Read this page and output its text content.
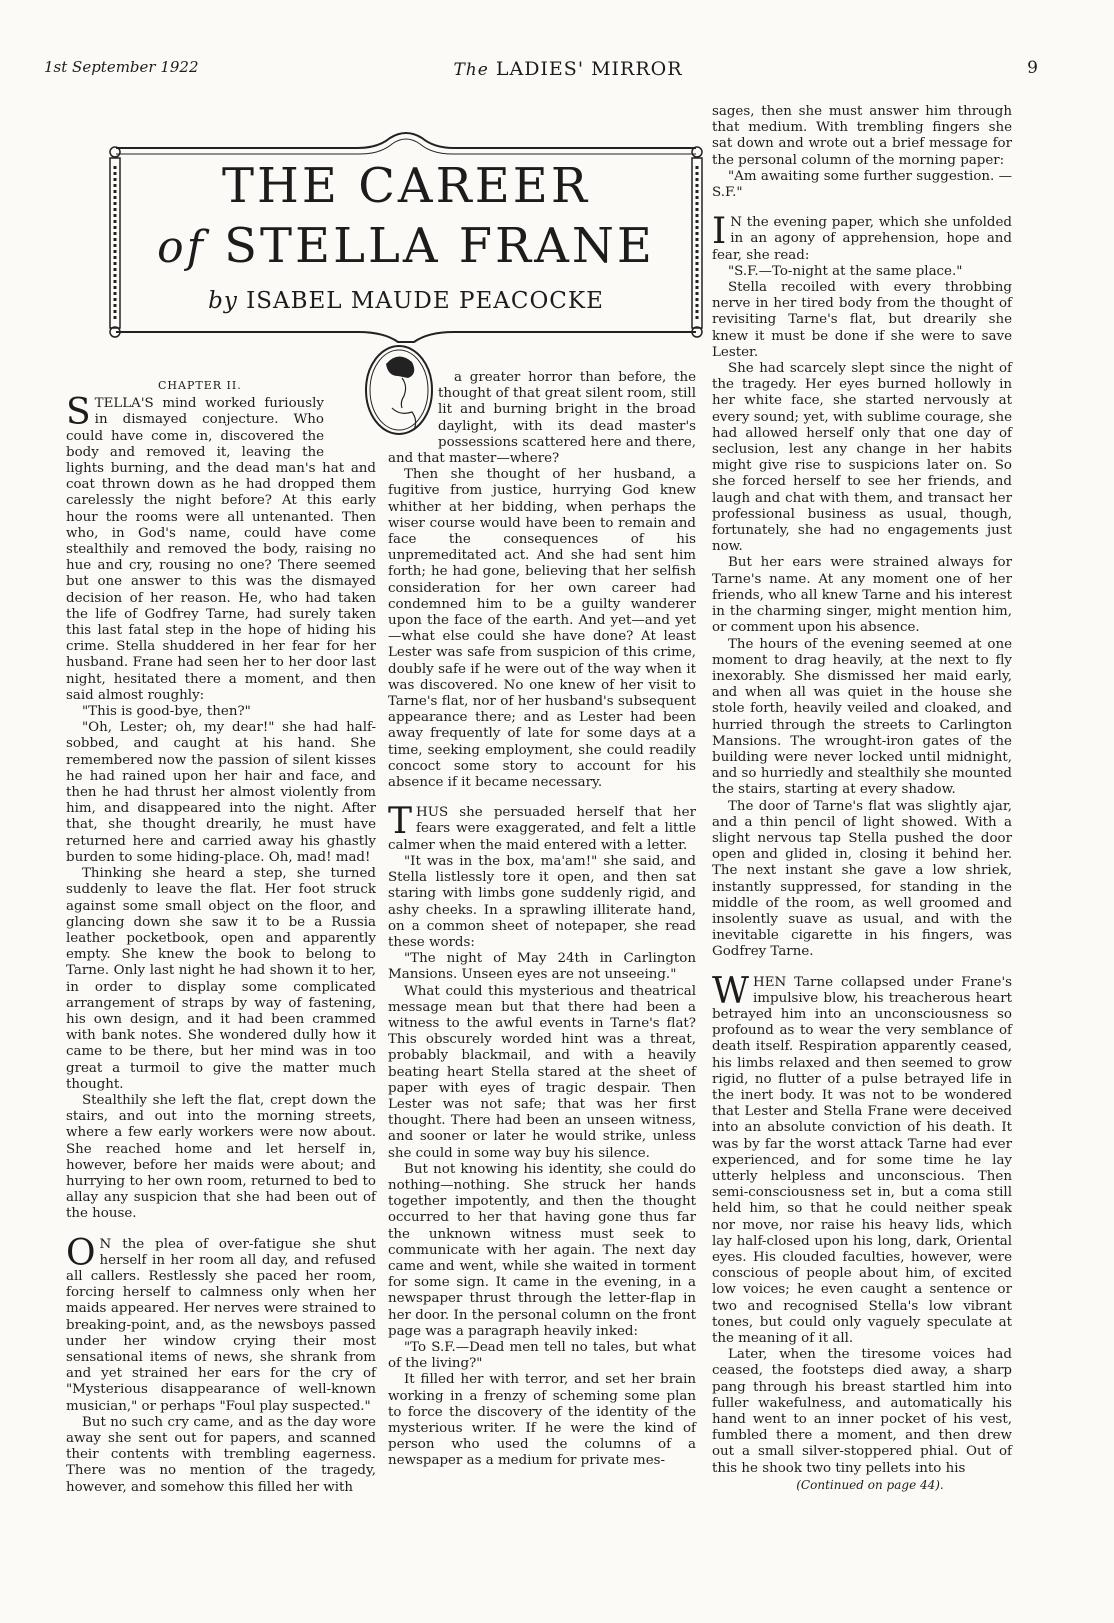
1st September 1922	The LADIES' MIRROR	9
THE CAREER
of STELLA FRANE
by ISABEL MAUDE PEACOCKE

CHAPTER II.

STELLA'S mind worked furiously in dismayed conjecture. Who could have come in, discovered the body and removed it, leaving the lights burning, and the dead man's hat and coat thrown down as he had dropped them carelessly the night before? At this early hour the rooms were all untenanted. Then who, in God's name, could have come stealthily and removed the body, raising no hue and cry, rousing no one? There seemed but one answer to this was the dismayed decision of her reason. He, who had taken the life of Godfrey Tarne, had surely taken this last fatal step in the hope of hiding his crime. Stella shuddered in her fear for her husband. Frane had seen her to her door last night, hesitated there a moment, and then said almost roughly:

"This is good-bye, then?"

"Oh, Lester; oh, my dear!" she had half-sobbed, and caught at his hand. She remembered now the passion of silent kisses he had rained upon her hair and face, and then he had thrust her almost violently from him, and disappeared into the night. After that, she thought drearily, he must have returned here and carried away his ghastly burden to some hiding-place. Oh, mad! mad!

Thinking she heard a step, she turned suddenly to leave the flat. Her foot struck against some small object on the floor, and glancing down she saw it to be a Russia leather pocketbook, open and apparently empty. She knew the book to belong to Tarne. Only last night he had shown it to her, in order to display some complicated arrangement of straps by way of fastening, his own design, and it had been crammed with bank notes. She wondered dully how it came to be there, but her mind was in too great a turmoil to give the matter much thought.

Stealthily she left the flat, crept down the stairs, and out into the morning streets, where a few early workers were now about. She reached home and let herself in, however, before her maids were about; and hurrying to her own room, returned to bed to allay any suspicion that she had been out of the house.

O N the plea of over-fatigue she shut herself in her room all day, and refused all callers. Restlessly she paced her room, forcing herself to calmness only when her maids appeared. Her nerves were strained to breaking-point, and, as the newsboys passed under her window crying their most sensational items of news, she shrank from and yet strained her ears for the cry of "Mysterious disappearance of well-known musician," or perhaps "Foul play suspected."

But no such cry came, and as the day wore away she sent out for papers, and scanned their contents with trembling eagerness. There was no mention of the tragedy, however, and somehow this filled her with

a greater horror than before, the thought of that great silent room, still lit and burning bright in the broad daylight, with its dead master's possessions scattered here and there, and that master—where?

Then she thought of her husband, a fugitive from justice, hurrying God knew whither at her bidding, when perhaps the wiser course would have been to remain and face the consequences of his unpremeditated act. And she had sent him forth; he had gone, believing that her selfish consideration for her own career had condemned him to be a guilty wanderer upon the face of the earth. And yet—and yet—what else could she have done? At least Lester was safe from suspicion of this crime, doubly safe if he were out of the way when it was discovered. No one knew of her visit to Tarne's flat, nor of her husband's subsequent appearance there; and as Lester had been away frequently of late for some days at a time, seeking employment, she could readily concoct some story to account for his absence if it became necessary.

THUS she persuaded herself that her fears were exaggerated, and felt a little calmer when the maid entered with a letter.

"It was in the box, ma'am!" she said, and Stella listlessly tore it open, and then sat staring with limbs gone suddenly rigid, and ashy cheeks. In a sprawling illiterate hand, on a common sheet of notepaper, she read these words:

"The night of May 24th in Carlington Mansions. Unseen eyes are not unseeing."

What could this mysterious and theatrical message mean but that there had been a witness to the awful events in Tarne's flat? This obscurely worded hint was a threat, probably blackmail, and with a heavily beating heart Stella stared at the sheet of paper with eyes of tragic despair. Then Lester was not safe; that was her first thought. There had been an unseen witness, and sooner or later he would strike, unless she could in some way buy his silence.

But not knowing his identity, she could do nothing—nothing. She struck her hands together impotently, and then the thought occurred to her that having gone thus far the unknown witness must seek to communicate with her again. The next day came and went, while she waited in torment for some sign. It came in the evening, in a newspaper thrust through the letter-flap in her door. In the personal column on the front page was a paragraph heavily inked:

"To S.F.—Dead men tell no tales, but what of the living?"

It filled her with terror, and set her brain working in a frenzy of scheming some plan to force the discovery of the identity of the mysterious writer. If he were the kind of person who used the columns of a newspaper as a medium for private mes-

sages, then she must answer him through that medium. With trembling fingers she sat down and wrote out a brief message for the personal column of the morning paper:

"Am awaiting some further suggestion. —S.F."

I N the evening paper, which she unfolded in an agony of apprehension, hope and fear, she read:

"S.F.—To-night at the same place."

Stella recoiled with every throbbing nerve in her tired body from the thought of revisiting Tarne's flat, but drearily she knew it must be done if she were to save Lester.

She had scarcely slept since the night of the tragedy. Her eyes burned hollowly in her white face, she started nervously at every sound; yet, with sublime courage, she had allowed herself only that one day of seclusion, lest any change in her habits might give rise to suspicions later on. So she forced herself to see her friends, and laugh and chat with them, and transact her professional business as usual, though, fortunately, she had no engagements just now.

But her ears were strained always for Tarne's name. At any moment one of her friends, who all knew Tarne and his interest in the charming singer, might mention him, or comment upon his absence.

The hours of the evening seemed at one moment to drag heavily, at the next to fly inexorably. She dismissed her maid early, and when all was quiet in the house she stole forth, heavily veiled and cloaked, and hurried through the streets to Carlington Mansions. The wrought-iron gates of the building were never locked until midnight, and so hurriedly and stealthily she mounted the stairs, starting at every shadow.

The door of Tarne's flat was slightly ajar, and a thin pencil of light showed. With a slight nervous tap Stella pushed the door open and glided in, closing it behind her. The next instant she gave a low shriek, instantly suppressed, for standing in the middle of the room, as well groomed and insolently suave as usual, and with the inevitable cigarette in his fingers, was Godfrey Tarne.

WHEN Tarne collapsed under Frane's impulsive blow, his treacherous heart betrayed him into an unconsciousness so profound as to wear the very semblance of death itself. Respiration apparently ceased, his limbs relaxed and then seemed to grow rigid, no flutter of a pulse betrayed life in the inert body. It was not to be wondered that Lester and Stella Frane were deceived into an absolute conviction of his death. It was by far the worst attack Tarne had ever experienced, and for some time he lay utterly helpless and unconscious. Then semi-consciousness set in, but a coma still held him, so that he could neither speak nor move, nor raise his heavy lids, which lay half-closed upon his long, dark, Oriental eyes. His clouded faculties, however, were conscious of people about him, of excited low voices; he even caught a sentence or two and recognised Stella's low vibrant tones, but could only vaguely speculate at the meaning of it all.

Later, when the tiresome voices had ceased, the footsteps died away, a sharp pang through his breast startled him into fuller wakefulness, and automatically his hand went to an inner pocket of his vest, fumbled there a moment, and then drew out a small silver-stoppered phial. Out of this he shook two tiny pellets into his

(Continued on page 44).
